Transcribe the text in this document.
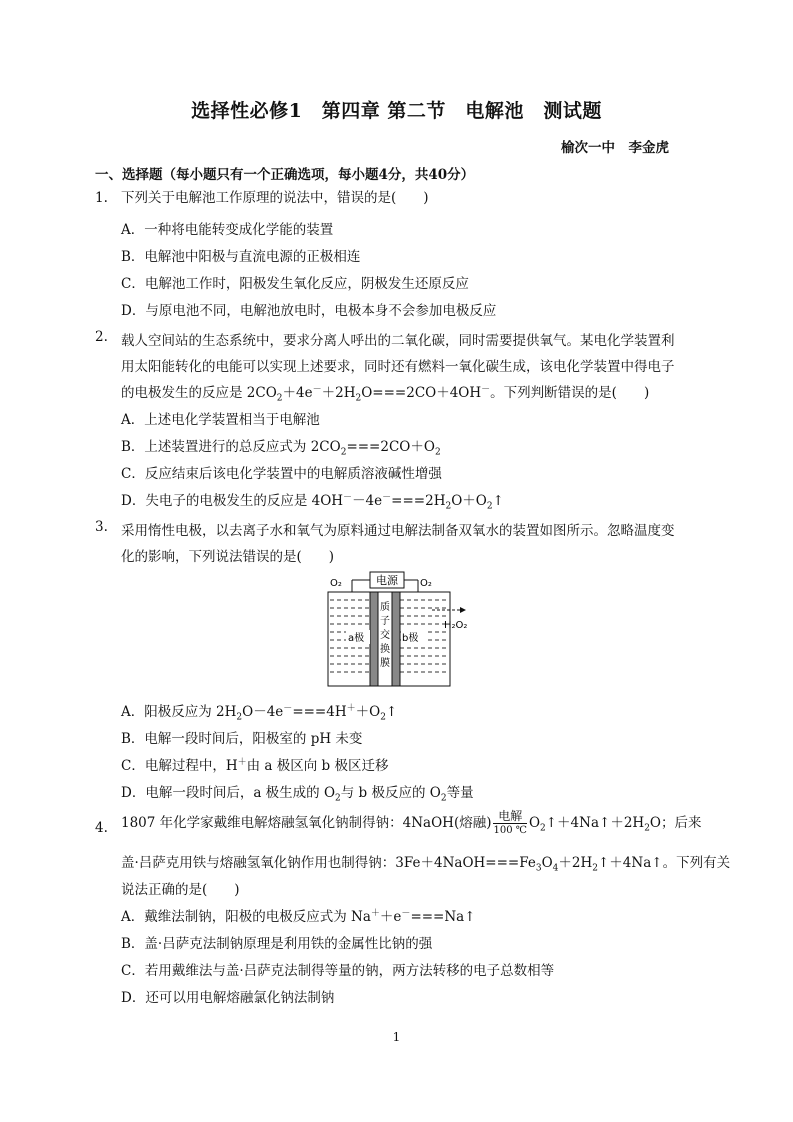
选择性必修1　第四章 第二节　电解池　测试题
榆次一中　李金虎
一、选择题（每小题只有一个正确选项，每小题4分，共40分）
1. 下列关于电解池工作原理的说法中，错误的是(　　)
A．一种将电能转变成化学能的装置
B．电解池中阳极与直流电源的正极相连
C．电解池工作时，阳极发生氧化反应，阴极发生还原反应
D．与原电池不同，电解池放电时，电极本身不会参加电极反应
2. 载人空间站的生态系统中，要求分离人呼出的二氧化碳，同时需要提供氧气。某电化学装置利
用太阳能转化的电能可以实现上述要求，同时还有燃料一氧化碳生成，该电化学装置中得电子
的电极发生的反应是 $2CO_2+4e^-+2H_2O===2CO+4OH^-$。下列判断错误的是(　　)
A．上述电化学装置相当于电解池
B．上述装置进行的总反应式为 $2CO_2===2CO+O_2$
C．反应结束后该电化学装置中的电解质溶液碱性增强
D．失电子的电极发生的反应是 $4OH^--4e^-===2H_2O+O_2↑$
3. 采用惰性电极，以去离子水和氧气为原料通过电解法制备双氧水的装置如图所示。忽略温度变
化的影响，下列说法错误的是(　　)
电源
O₂	O₂
质子交换膜
a极	b极
H₂O₂
A．阳极反应为 $2H_2O-4e^-===4H^++O_2↑$
B．电解一段时间后，阳极室的 pH 未变
C．电解过程中，H＋由 a 极区向 b 极区迁移
D．电解一段时间后，a 极生成的 $O_2$与 b 极反应的 $O_2$等量
4. 1807 年化学家戴维电解熔融氢氧化钠制得钠：4NaOH(熔融) $\frac{\text{电解}}{100 ℃}$ $O_2↑+4Na↑+2H_2O$；后来
盖·吕萨克用铁与熔融氢氧化钠作用也制得钠：$3Fe+4NaOH===Fe_3O_4+2H_2↑+4Na↑$。下列有关
说法正确的是(　　)
A．戴维法制钠，阳极的电极反应式为 Na＋＋e－===Na↑
B．盖·吕萨克法制钠原理是利用铁的金属性比钠的强
C．若用戴维法与盖·吕萨克法制得等量的钠，两方法转移的电子总数相等
D．还可以用电解熔融氯化钠法制钠
1
